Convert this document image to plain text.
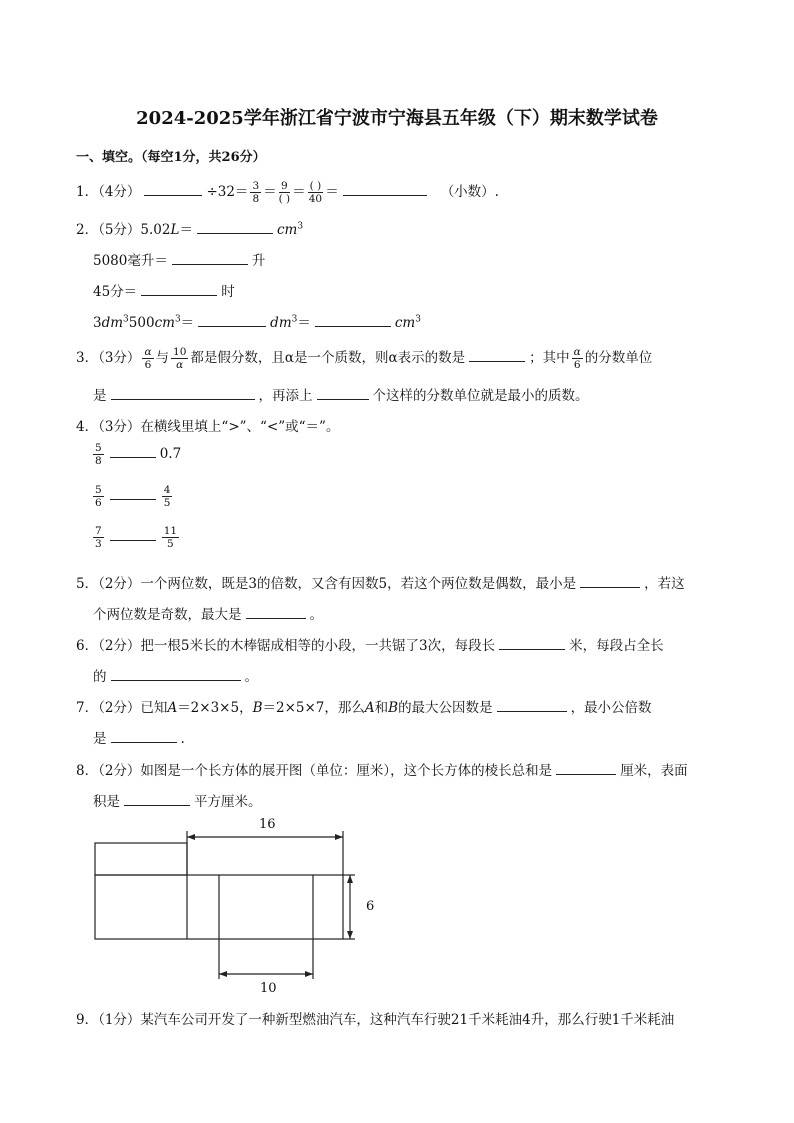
2024-2025学年浙江省宁波市宁海县五年级（下）期末数学试卷
一、填空。（每空1分，共26分）
1．（4分）	$\div 32= \frac{3}{8} = \frac{9}{( )} = \frac{( )}{40}$ ＝	（小数）.
2．（5分）5.02L＝	$cm^3$
5080毫升＝	升
45分＝	时
$3dm^3500cm^3=$	$dm^3=$	$cm^3$
3．（3分） $\frac{\alpha}{6}$ 与 $\frac{10}{\alpha}$ 都是假分数，且α是一个质数，则α表示的数是	；其中 $\frac{\alpha}{6}$ 的分数单位
是	，再添上	个这样的分数单位就是最小的质数。
4．（3分）在横线里填上“>”、“<”或“＝”。
$\frac{5}{8}$	0.7
$\frac{5}{6}$	$\frac{4}{5}$
$\frac{7}{3}$	$\frac{11}{5}$
5．（2分）一个两位数，既是3的倍数，又含有因数5，若这个两位数是偶数，最小是	，若这
个两位数是奇数，最大是	。
6．（2分）把一根5米长的木棒锯成相等的小段，一共锯了3次，每段长	米，每段占全长
的	。
7．（2分）已知A＝2×3×5，B＝2×5×7，那么A和B的最大公因数是	，最小公倍数
是	.
8．（2分）如图是一个长方体的展开图（单位：厘米），这个长方体的棱长总和是	厘米，表面
积是	平方厘米。
16
6
10
9．（1分）某汽车公司开发了一种新型燃油汽车，这种汽车行驶21千米耗油4升，那么行驶1千米耗油
